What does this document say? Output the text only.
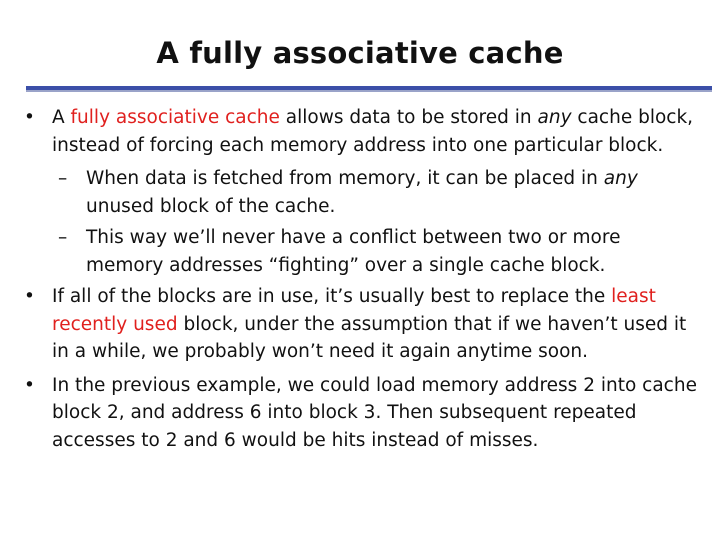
A fully associative cache
• A fully associative cache allows data to be stored in any cache block, instead of forcing each memory address into one particular block.
– When data is fetched from memory, it can be placed in any unused block of the cache.
– This way we’ll never have a conflict between two or more memory addresses “fighting” over a single cache block.
• If all of the blocks are in use, it’s usually best to replace the least recently used block, under the assumption that if we haven’t used it in a while, we probably won’t need it again anytime soon.
• In the previous example, we could load memory address 2 into cache block 2, and address 6 into block 3. Then subsequent repeated accesses to 2 and 6 would be hits instead of misses.
